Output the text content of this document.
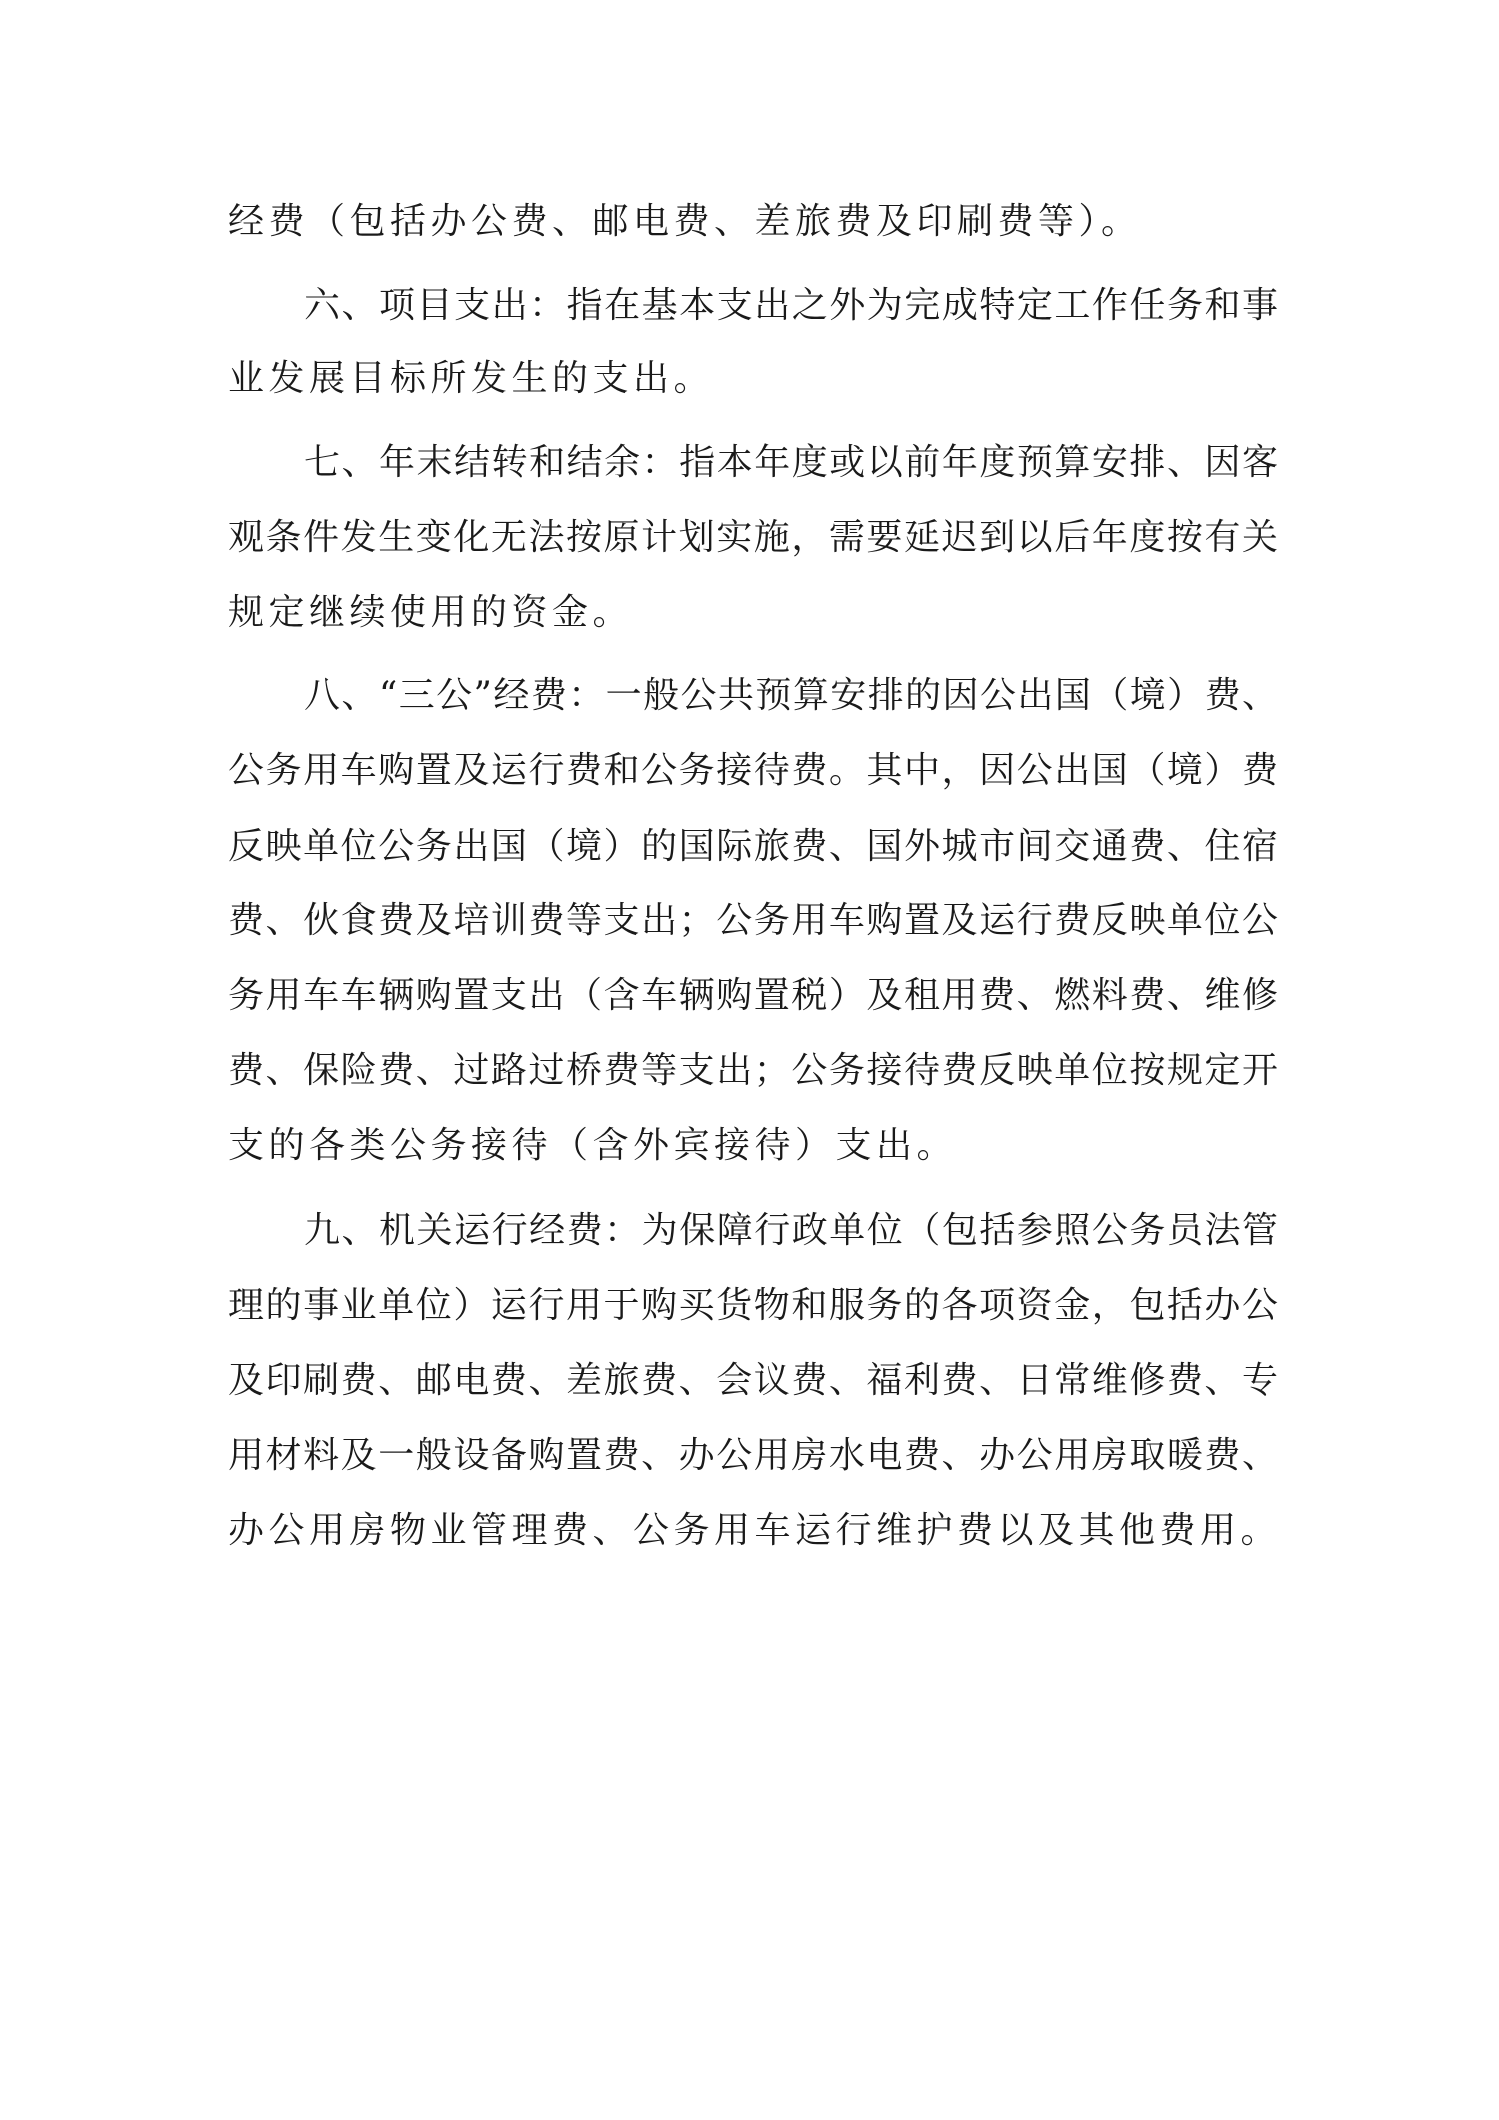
经费（包括办公费、邮电费、差旅费及印刷费等）。
六、项目支出：指在基本支出之外为完成特定工作任务和事
业发展目标所发生的支出。
七、年末结转和结余：指本年度或以前年度预算安排、因客
观条件发生变化无法按原计划实施，需要延迟到以后年度按有关
规定继续使用的资金。
八、“三公”经费：一般公共预算安排的因公出国（境）费、
公务用车购置及运行费和公务接待费。其中，因公出国（境）费
反映单位公务出国（境）的国际旅费、国外城市间交通费、住宿
费、伙食费及培训费等支出；公务用车购置及运行费反映单位公
务用车车辆购置支出（含车辆购置税）及租用费、燃料费、维修
费、保险费、过路过桥费等支出；公务接待费反映单位按规定开
支的各类公务接待（含外宾接待）支出。
九、机关运行经费：为保障行政单位（包括参照公务员法管
理的事业单位）运行用于购买货物和服务的各项资金，包括办公
及印刷费、邮电费、差旅费、会议费、福利费、日常维修费、专
用材料及一般设备购置费、办公用房水电费、办公用房取暖费、
办公用房物业管理费、公务用车运行维护费以及其他费用。
